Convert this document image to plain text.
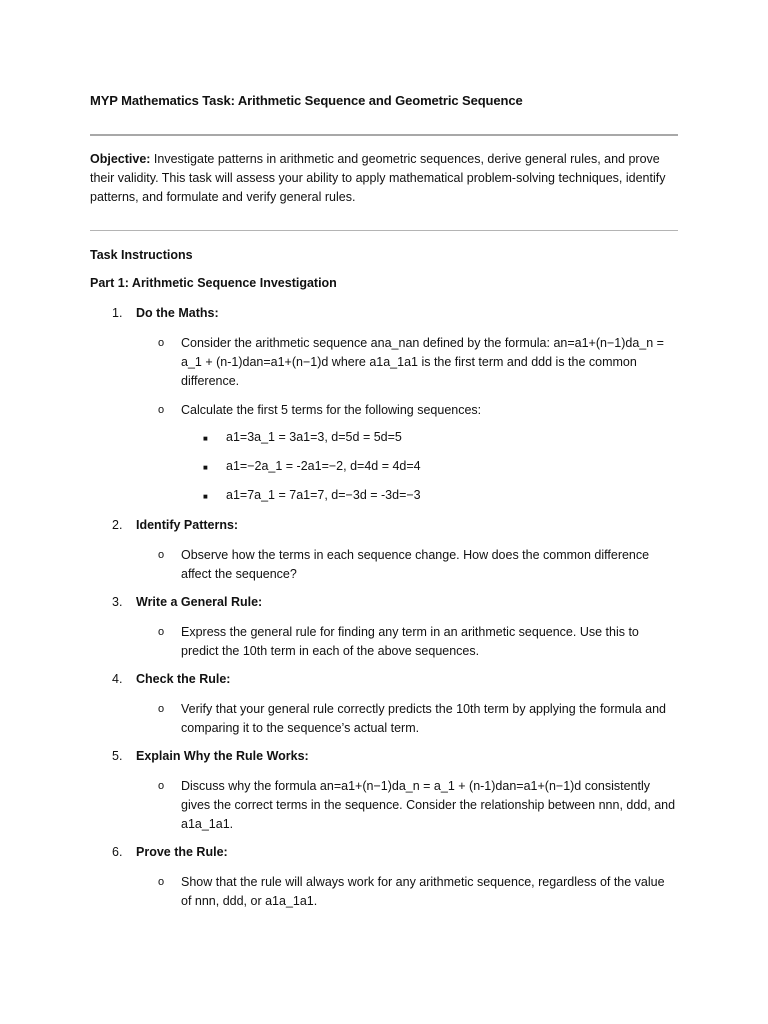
MYP Mathematics Task: Arithmetic Sequence and Geometric Sequence
Objective: Investigate patterns in arithmetic and geometric sequences, derive general rules, and prove their validity. This task will assess your ability to apply mathematical problem-solving techniques, identify patterns, and formulate and verify general rules.
Task Instructions
Part 1: Arithmetic Sequence Investigation
1. Do the Maths:
o Consider the arithmetic sequence ana_nan defined by the formula: an=a1+(n−1)da_n = a_1 + (n-1)dan=a1+(n−1)d where a1a_1a1 is the first term and ddd is the common difference.
o Calculate the first 5 terms for the following sequences:
■ a1=3a_1 = 3a1=3, d=5d = 5d=5
■ a1=−2a_1 = -2a1=−2, d=4d = 4d=4
■ a1=7a_1 = 7a1=7, d=−3d = -3d=−3
2. Identify Patterns:
o Observe how the terms in each sequence change. How does the common difference affect the sequence?
3. Write a General Rule:
o Express the general rule for finding any term in an arithmetic sequence. Use this to predict the 10th term in each of the above sequences.
4. Check the Rule:
o Verify that your general rule correctly predicts the 10th term by applying the formula and comparing it to the sequence’s actual term.
5. Explain Why the Rule Works:
o Discuss why the formula an=a1+(n−1)da_n = a_1 + (n-1)dan=a1+(n−1)d consistently gives the correct terms in the sequence. Consider the relationship between nnn, ddd, and a1a_1a1.
6. Prove the Rule:
o Show that the rule will always work for any arithmetic sequence, regardless of the value of nnn, ddd, or a1a_1a1.
